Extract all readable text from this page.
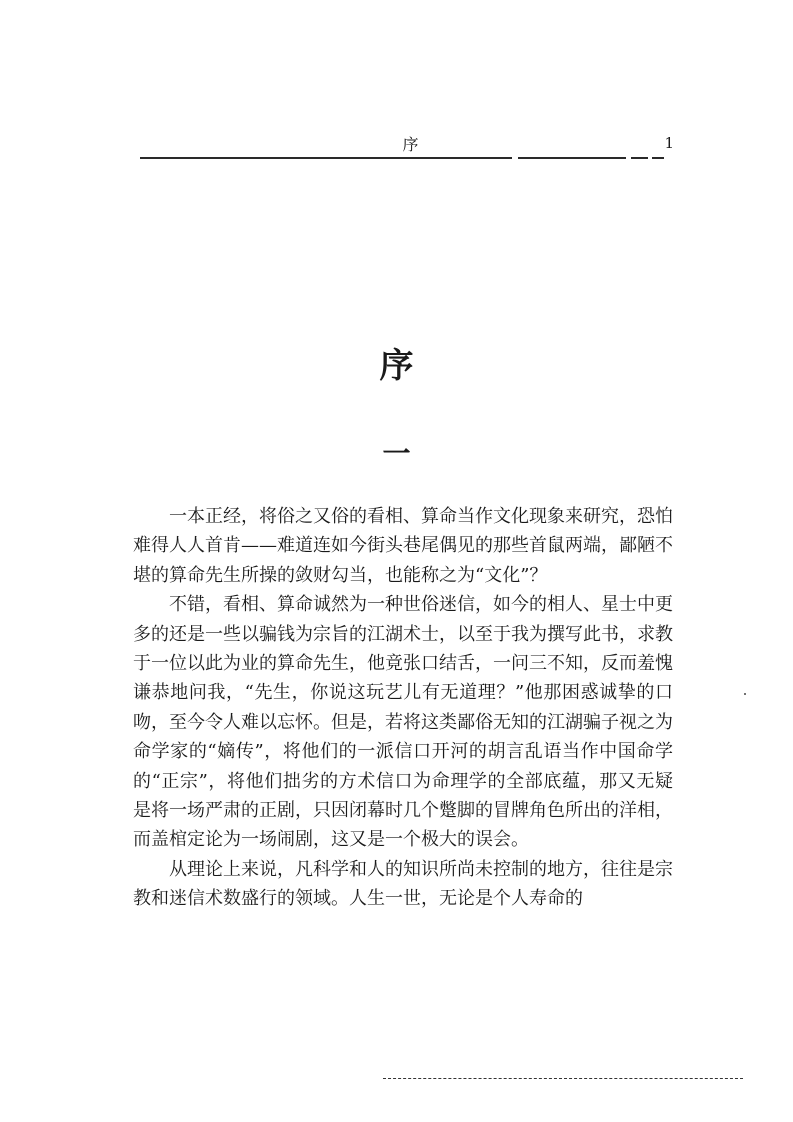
序	1
序
一

一本正经，将俗之又俗的看相、算命当作文化现象来研究，恐怕难得人人首肯——难道连如今街头巷尾偶见的那些首鼠两端，鄙陋不堪的算命先生所操的敛财勾当，也能称之为“文化”？

不错，看相、算命诚然为一种世俗迷信，如今的相人、星士中更多的还是一些以骗钱为宗旨的江湖术士，以至于我为撰写此书，求教于一位以此为业的算命先生，他竟张口结舌，一问三不知，反而羞愧谦恭地问我，“先生，你说这玩艺儿有无道理？”他那困惑诚挚的口吻，至今令人难以忘怀。但是，若将这类鄙俗无知的江湖骗子视之为命学家的“嫡传”，将他们的一派信口开河的胡言乱语当作中国命学的“正宗”，将他们拙劣的方术信口为命理学的全部底蕴，那又无疑是将一场严肃的正剧，只因闭幕时几个蹩脚的冒牌角色所出的洋相，而盖棺定论为一场闹剧，这又是一个极大的误会。

从理论上来说，凡科学和人的知识所尚未控制的地方，往往是宗教和迷信术数盛行的领域。人生一世，无论是个人寿命的
